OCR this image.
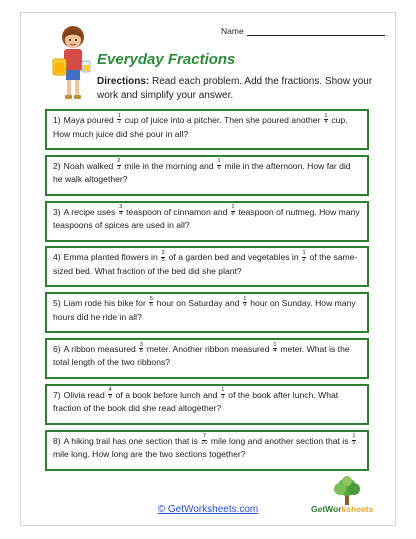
Name
Everyday Fractions
Directions: Read each problem. Add the fractions. Show your work and simplify your answer.
1) Maya poured $\frac{1}{2}$ cup of juice into a pitcher. Then she poured another $\frac{1}{4}$ cup. How much juice did she pour in all?
2) Noah walked $\frac{2}{3}$ mile in the morning and $\frac{1}{6}$ mile in the afternoon. How far did he walk altogether?
3) A recipe uses $\frac{3}{4}$ teaspoon of cinnamon and $\frac{1}{8}$ teaspoon of nutmeg. How many teaspoons of spices are used in all?
4) Emma planted flowers in $\frac{2}{5}$ of a garden bed and vegetables in $\frac{1}{2}$ of the same-sized bed. What fraction of the bed did she plant?
5) Liam rode his bike for $\frac{5}{6}$ hour on Saturday and $\frac{1}{9}$ hour on Sunday. How many hours did he ride in all?
6) A ribbon measured $\frac{3}{8}$ meter. Another ribbon measured $\frac{1}{4}$ meter. What is the total length of the two ribbons?
7) Olivia read $\frac{4}{9}$ of a book before lunch and $\frac{1}{3}$ of the book after lunch. What fraction of the book did she read altogether?
8) A hiking trail has one section that is $\frac{7}{10}$ mile long and another section that is $\frac{1}{5}$
mile long. How long are the two sections together?
© GetWorksheets.com	GetWorksheets
